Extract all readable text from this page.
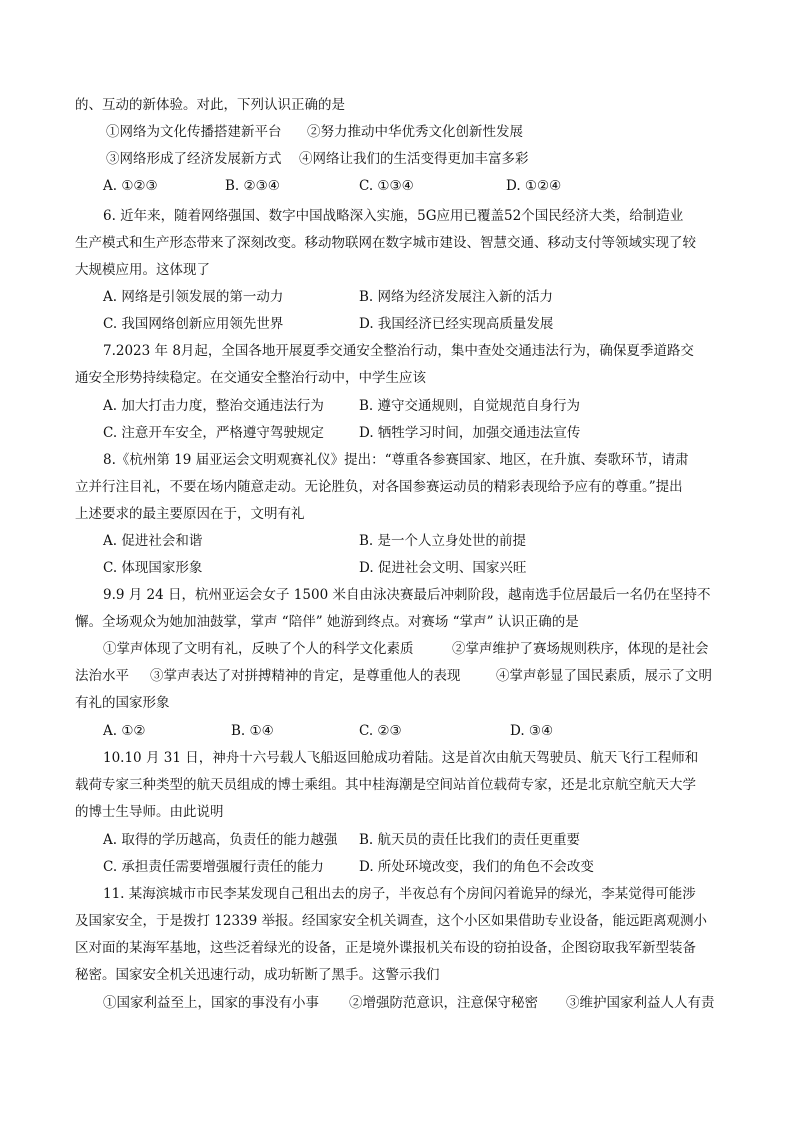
的、互动的新体验。对此，下列认识正确的是
①网络为文化传播搭建新平台 ②努力推动中华优秀文化创新性发展
③网络形成了经济发展新方式 ④网络让我们的生活变得更加丰富多彩
A. ①②③	B. ②③④	C. ①③④	D. ①②④
6. 近年来，随着网络强国、数字中国战略深入实施，5G应用已覆盖52个国民经济大类，给制造业
生产模式和生产形态带来了深刻改变。移动物联网在数字城市建设、智慧交通、移动支付等领域实现了较
大规模应用。这体现了
A. 网络是引领发展的第一动力	B. 网络为经济发展注入新的活力
C. 我国网络创新应用领先世界	D. 我国经济已经实现高质量发展
7.2023 年 8月起，全国各地开展夏季交通安全整治行动，集中查处交通违法行为，确保夏季道路交
通安全形势持续稳定。在交通安全整治行动中，中学生应该
A. 加大打击力度，整治交通违法行为	B. 遵守交通规则，自觉规范自身行为
C. 注意开车安全，严格遵守驾驶规定	D. 牺牲学习时间，加强交通违法宣传
8.《杭州第 19 届亚运会文明观赛礼仪》提出：“尊重各参赛国家、地区，在升旗、奏歌环节，请肃
立并行注目礼，不要在场内随意走动。无论胜负，对各国参赛运动员的精彩表现给予应有的尊重。”提出
上述要求的最主要原因在于，文明有礼
A. 促进社会和谐	B. 是一个人立身处世的前提
C. 体现国家形象	D. 促进社会文明、国家兴旺
9.9 月 24 日，杭州亚运会女子 1500 米自由泳决赛最后冲刺阶段，越南选手位居最后一名仍在坚持不
懈。全场观众为她加油鼓掌，掌声 “陪伴” 她游到终点。对赛场 “掌声” 认识正确的是
①掌声体现了文明有礼，反映了个人的科学文化素质	②掌声维护了赛场规则秩序，体现的是社会
法治水平 ③掌声表达了对拼搏精神的肯定，是尊重他人的表现	④掌声彰显了国民素质，展示了文明
有礼的国家形象
A. ①②	B. ①④	C. ②③	D. ③④
10.10 月 31 日，神舟十六号载人飞船返回舱成功着陆。这是首次由航天驾驶员、航天飞行工程师和
载荷专家三种类型的航天员组成的博士乘组。其中桂海潮是空间站首位载荷专家，还是北京航空航天大学
的博士生导师。由此说明
A. 取得的学历越高，负责任的能力越强 B. 航天员的责任比我们的责任更重要
C. 承担责任需要增强履行责任的能力	D. 所处环境改变，我们的角色不会改变
11. 某海滨城市市民李某发现自己租出去的房子，半夜总有个房间闪着诡异的绿光，李某觉得可能涉
及国家安全，于是拨打 12339 举报。经国家安全机关调查，这个小区如果借助专业设备，能远距离观测小
区对面的某海军基地，这些泛着绿光的设备，正是境外谍报机关布设的窃拍设备，企图窃取我军新型装备
秘密。国家安全机关迅速行动，成功斩断了黑手。这警示我们
①国家利益至上，国家的事没有小事 ②增强防范意识，注意保守秘密 ③维护国家利益人人有责
